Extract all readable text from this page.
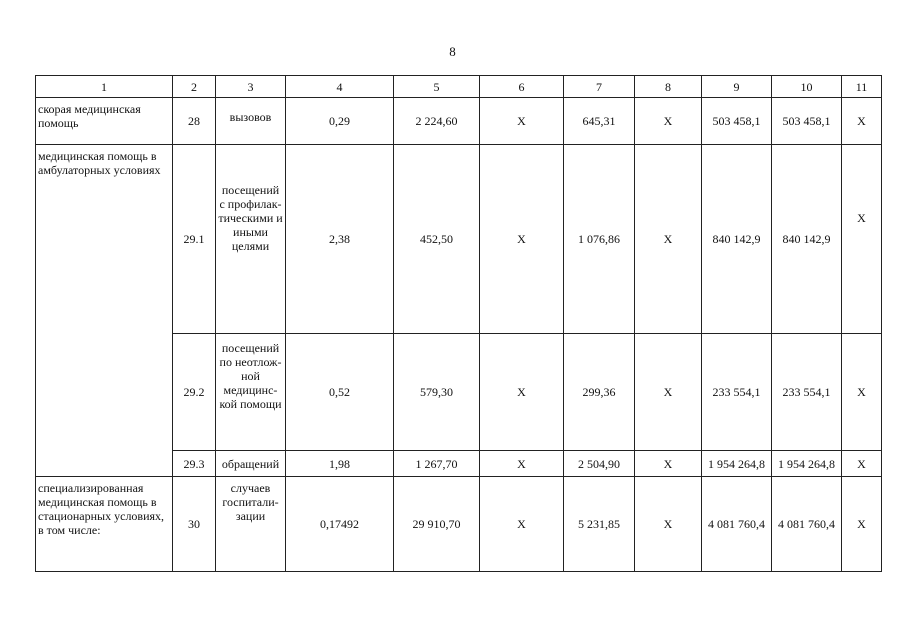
8
1	2	3	4	5	6	7	8	9	10	11
скорая медицинская помощь	28	вызовов	0,29	2 224,60	Х	645,31	Х	503 458,1	503 458,1	Х
медицинская помощь в амбулаторных условиях	29.1	посещений с профилак-тическими и иными целями	2,38	452,50	Х	1 076,86	Х	840 142,9	840 142,9	Х
	29.2	посещений по неотлож-ной медицинс-кой помощи	0,52	579,30	Х	299,36	Х	233 554,1	233 554,1	Х
	29.3	обращений	1,98	1 267,70	Х	2 504,90	Х	1 954 264,8	1 954 264,8	Х
специализированная медицинская помощь в стационарных условиях, в том числе:	30	случаев госпитали-зации	0,17492	29 910,70	Х	5 231,85	Х	4 081 760,4	4 081 760,4	Х
